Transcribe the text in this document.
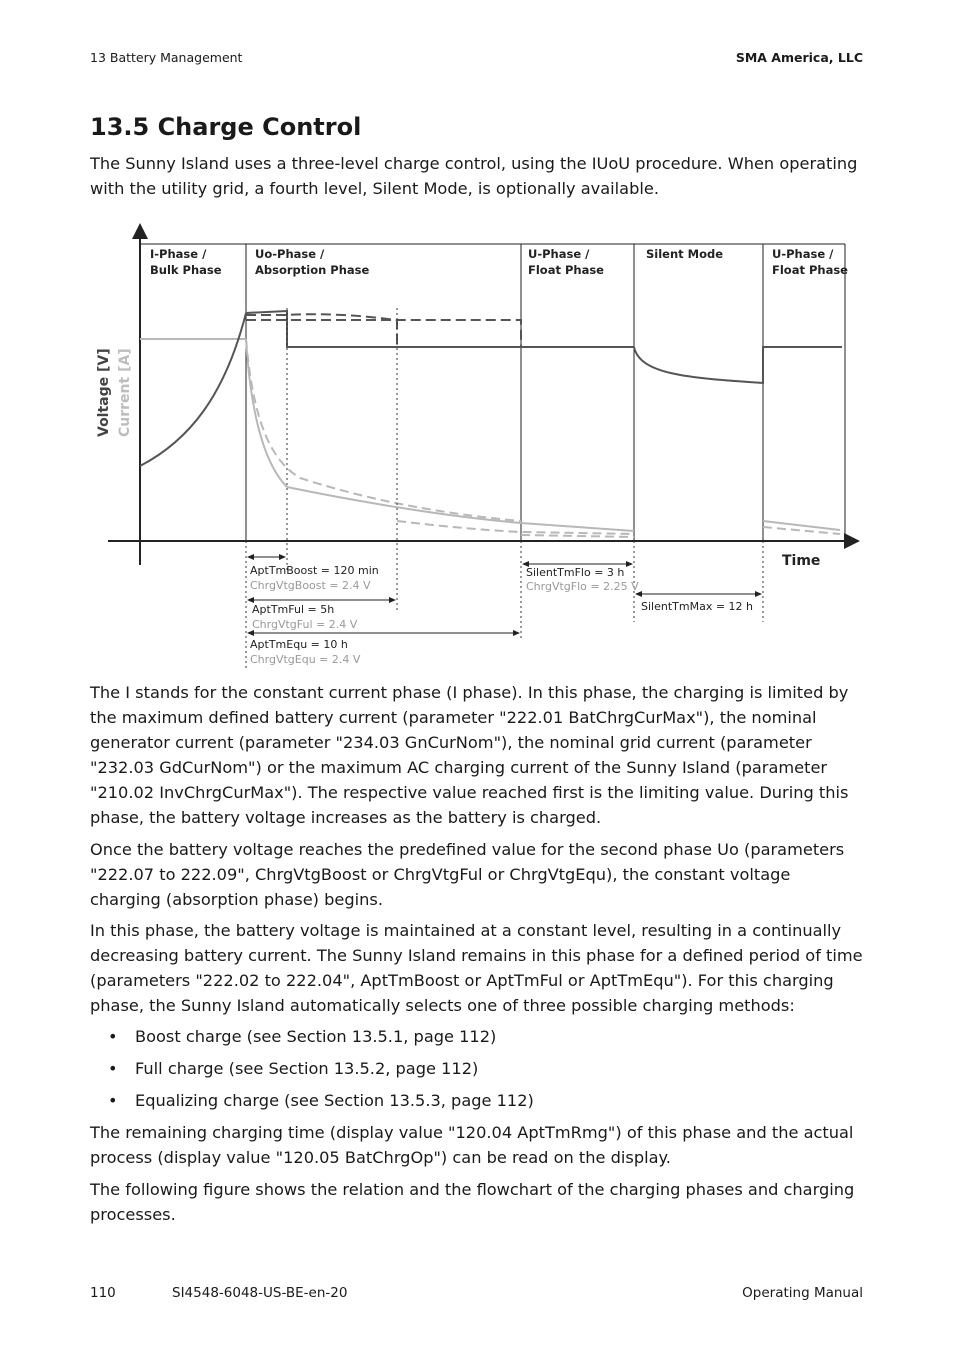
13 Battery Management	SMA America, LLC
13.5 Charge Control

The Sunny Island uses a three-level charge control, using the IUoU procedure. When operating with the utility grid, a fourth level, Silent Mode, is optionally available.

I-Phase /
Bulk Phase
Uo-Phase /
Absorption Phase
U-Phase /
Float Phase
Silent Mode	U-Phase /
Float Phase
Voltage [V] Current [A]
Time
AptTmBoost = 120 min
ChrgVtgBoost = 2.4 V
AptTmFul = 5h
ChrgVtgFul = 2.4 V
AptTmEqu = 10 h
ChrgVtgEqu = 2.4 V
SilentTmFlo = 3 h
ChrgVtgFlo = 2.25 V
SilentTmMax = 12 h

The I stands for the constant current phase (I phase). In this phase, the charging is limited by the maximum defined battery current (parameter "222.01 BatChrgCurMax"), the nominal generator current (parameter "234.03 GnCurNom"), the nominal grid current (parameter "232.03 GdCurNom") or the maximum AC charging current of the Sunny Island (parameter "210.02 InvChrgCurMax"). The respective value reached first is the limiting value. During this phase, the battery voltage increases as the battery is charged.

Once the battery voltage reaches the predefined value for the second phase Uo (parameters "222.07 to 222.09", ChrgVtgBoost or ChrgVtgFul or ChrgVtgEqu), the constant voltage charging (absorption phase) begins.

In this phase, the battery voltage is maintained at a constant level, resulting in a continually decreasing battery current. The Sunny Island remains in this phase for a defined period of time (parameters "222.02 to 222.04", AptTmBoost or AptTmFul or AptTmEqu"). For this charging phase, the Sunny Island automatically selects one of three possible charging methods:

• Boost charge (see Section 13.5.1, page 112)
• Full charge (see Section 13.5.2, page 112)
• Equalizing charge (see Section 13.5.3, page 112)

The remaining charging time (display value "120.04 AptTmRmg") of this phase and the actual process (display value "120.05 BatChrgOp") can be read on the display.

The following figure shows the relation and the flowchart of the charging phases and charging processes.

110	SI4548-6048-US-BE-en-20	Operating Manual
